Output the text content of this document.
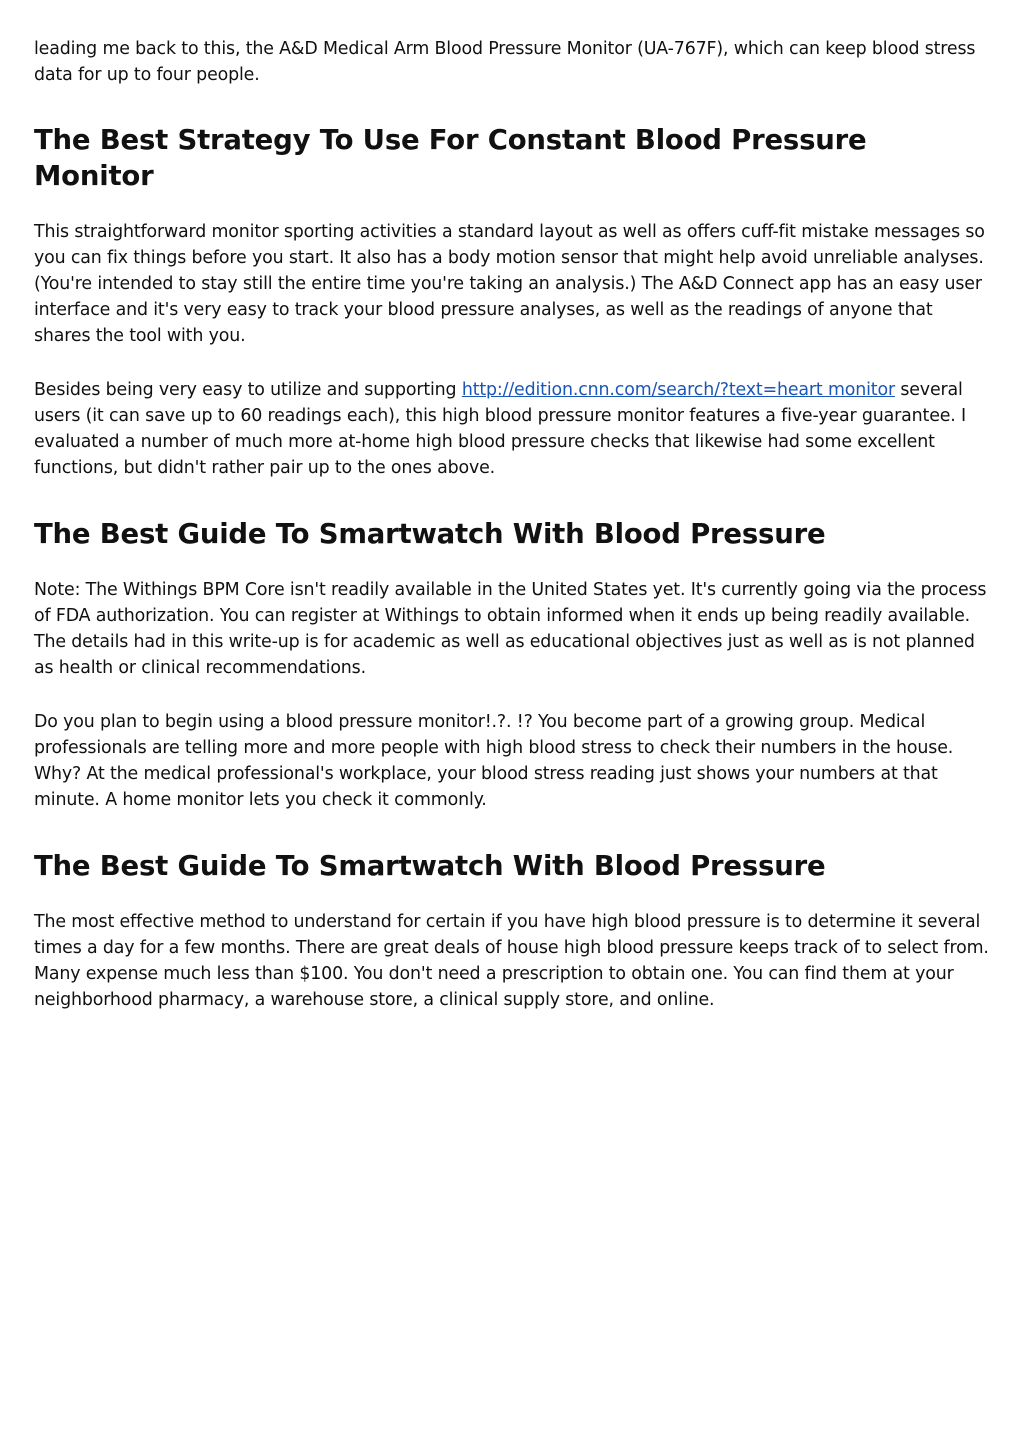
leading me back to this, the A&D Medical Arm Blood Pressure Monitor (UA-767F), which can keep blood stress data for up to four people.

The Best Strategy To Use For Constant Blood Pressure Monitor

This straightforward monitor sporting activities a standard layout as well as offers cuff-fit mistake messages so you can fix things before you start. It also has a body motion sensor that might help avoid unreliable analyses. (You're intended to stay still the entire time you're taking an analysis.) The A&D Connect app has an easy user interface and it's very easy to track your blood pressure analyses, as well as the readings of anyone that shares the tool with you.

Besides being very easy to utilize and supporting http://edition.cnn.com/search/?text=heart monitor several users (it can save up to 60 readings each), this high blood pressure monitor features a five-year guarantee. I evaluated a number of much more at-home high blood pressure checks that likewise had some excellent functions, but didn't rather pair up to the ones above.

The Best Guide To Smartwatch With Blood Pressure

Note: The Withings BPM Core isn't readily available in the United States yet. It's currently going via the process of FDA authorization. You can register at Withings to obtain informed when it ends up being readily available. The details had in this write-up is for academic as well as educational objectives just as well as is not planned as health or clinical recommendations.

Do you plan to begin using a blood pressure monitor!.?. !? You become part of a growing group. Medical professionals are telling more and more people with high blood stress to check their numbers in the house. Why? At the medical professional's workplace, your blood stress reading just shows your numbers at that minute. A home monitor lets you check it commonly.

The Best Guide To Smartwatch With Blood Pressure

The most effective method to understand for certain if you have high blood pressure is to determine it several times a day for a few months. There are great deals of house high blood pressure keeps track of to select from. Many expense much less than $100. You don't need a prescription to obtain one. You can find them at your neighborhood pharmacy, a warehouse store, a clinical supply store, and online.
